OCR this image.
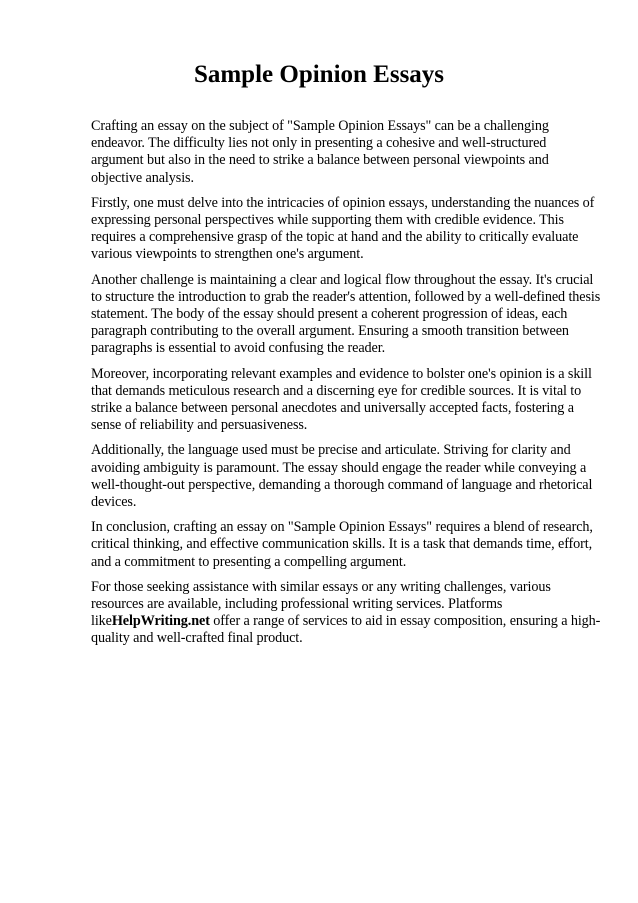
Sample Opinion Essays

Crafting an essay on the subject of "Sample Opinion Essays" can be a challenging endeavor. The difficulty lies not only in presenting a cohesive and well-structured argument but also in the need to strike a balance between personal viewpoints and objective analysis.

Firstly, one must delve into the intricacies of opinion essays, understanding the nuances of expressing personal perspectives while supporting them with credible evidence. This requires a comprehensive grasp of the topic at hand and the ability to critically evaluate various viewpoints to strengthen one's argument.

Another challenge is maintaining a clear and logical flow throughout the essay. It's crucial to structure the introduction to grab the reader's attention, followed by a well-defined thesis statement. The body of the essay should present a coherent progression of ideas, each paragraph contributing to the overall argument. Ensuring a smooth transition between paragraphs is essential to avoid confusing the reader.

Moreover, incorporating relevant examples and evidence to bolster one's opinion is a skill that demands meticulous research and a discerning eye for credible sources. It is vital to strike a balance between personal anecdotes and universally accepted facts, fostering a sense of reliability and persuasiveness.

Additionally, the language used must be precise and articulate. Striving for clarity and avoiding ambiguity is paramount. The essay should engage the reader while conveying a well-thought-out perspective, demanding a thorough command of language and rhetorical devices.

In conclusion, crafting an essay on "Sample Opinion Essays" requires a blend of research, critical thinking, and effective communication skills. It is a task that demands time, effort, and a commitment to presenting a compelling argument.

For those seeking assistance with similar essays or any writing challenges, various resources are available, including professional writing services. Platforms likeHelpWriting.net offer a range of services to aid in essay composition, ensuring a high-quality and well-crafted final product.
